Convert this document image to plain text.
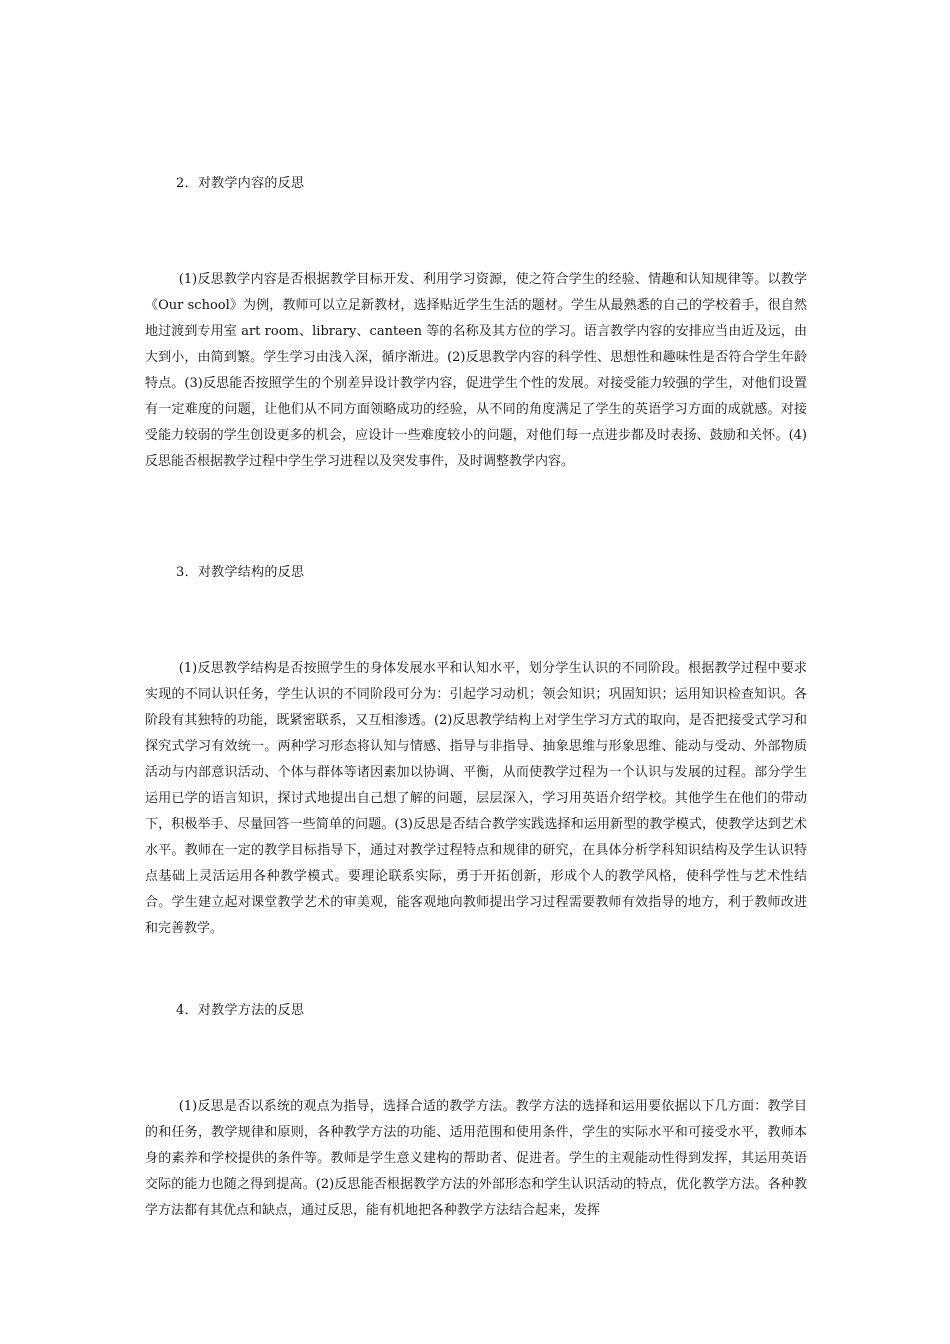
2．对教学内容的反思

(1)反思教学内容是否根据教学目标开发、利用学习资源，使之符合学生的经验、情趣和认知规律等。以教学《Our school》为例，教师可以立足新教材，选择贴近学生生活的题材。学生从最熟悉的自己的学校着手，很自然地过渡到专用室 art room、library、canteen 等的名称及其方位的学习。语言教学内容的安排应当由近及远，由大到小，由简到繁。学生学习由浅入深，循序渐进。(2)反思教学内容的科学性、思想性和趣味性是否符合学生年龄特点。(3)反思能否按照学生的个别差异设计教学内容，促进学生个性的发展。对接受能力较强的学生，对他们设置有一定难度的问题，让他们从不同方面领略成功的经验，从不同的角度满足了学生的英语学习方面的成就感。对接受能力较弱的学生创设更多的机会，应设计一些难度较小的问题，对他们每一点进步都及时表扬、鼓励和关怀。(4)反思能否根据教学过程中学生学习进程以及突发事件，及时调整教学内容。

3．对教学结构的反思

(1)反思教学结构是否按照学生的身体发展水平和认知水平，划分学生认识的不同阶段。根据教学过程中要求实现的不同认识任务，学生认识的不同阶段可分为：引起学习动机；领会知识；巩固知识；运用知识检查知识。各阶段有其独特的功能，既紧密联系，又互相渗透。(2)反思教学结构上对学生学习方式的取向，是否把接受式学习和探究式学习有效统一。两种学习形态将认知与情感、指导与非指导、抽象思维与形象思维、能动与受动、外部物质活动与内部意识活动、个体与群体等诸因素加以协调、平衡，从而使教学过程为一个认识与发展的过程。部分学生运用已学的语言知识，探讨式地提出自己想了解的问题，层层深入，学习用英语介绍学校。其他学生在他们的带动下，积极举手、尽量回答一些简单的问题。(3)反思是否结合教学实践选择和运用新型的教学模式，使教学达到艺术水平。教师在一定的教学目标指导下，通过对教学过程特点和规律的研究，在具体分析学科知识结构及学生认识特点基础上灵活运用各种教学模式。要理论联系实际，勇于开拓创新，形成个人的教学风格，使科学性与艺术性结合。学生建立起对课堂教学艺术的审美观，能客观地向教师提出学习过程需要教师有效指导的地方，利于教师改进和完善教学。

4．对教学方法的反思

(1)反思是否以系统的观点为指导，选择合适的教学方法。教学方法的选择和运用要依据以下几方面：教学目的和任务，教学规律和原则，各种教学方法的功能、适用范围和使用条件，学生的实际水平和可接受水平，教师本身的素养和学校提供的条件等。教师是学生意义建构的帮助者、促进者。学生的主观能动性得到发挥，其运用英语交际的能力也随之得到提高。(2)反思能否根据教学方法的外部形态和学生认识活动的特点，优化教学方法。各种教学方法都有其优点和缺点，通过反思，能有机地把各种教学方法结合起来，发挥
